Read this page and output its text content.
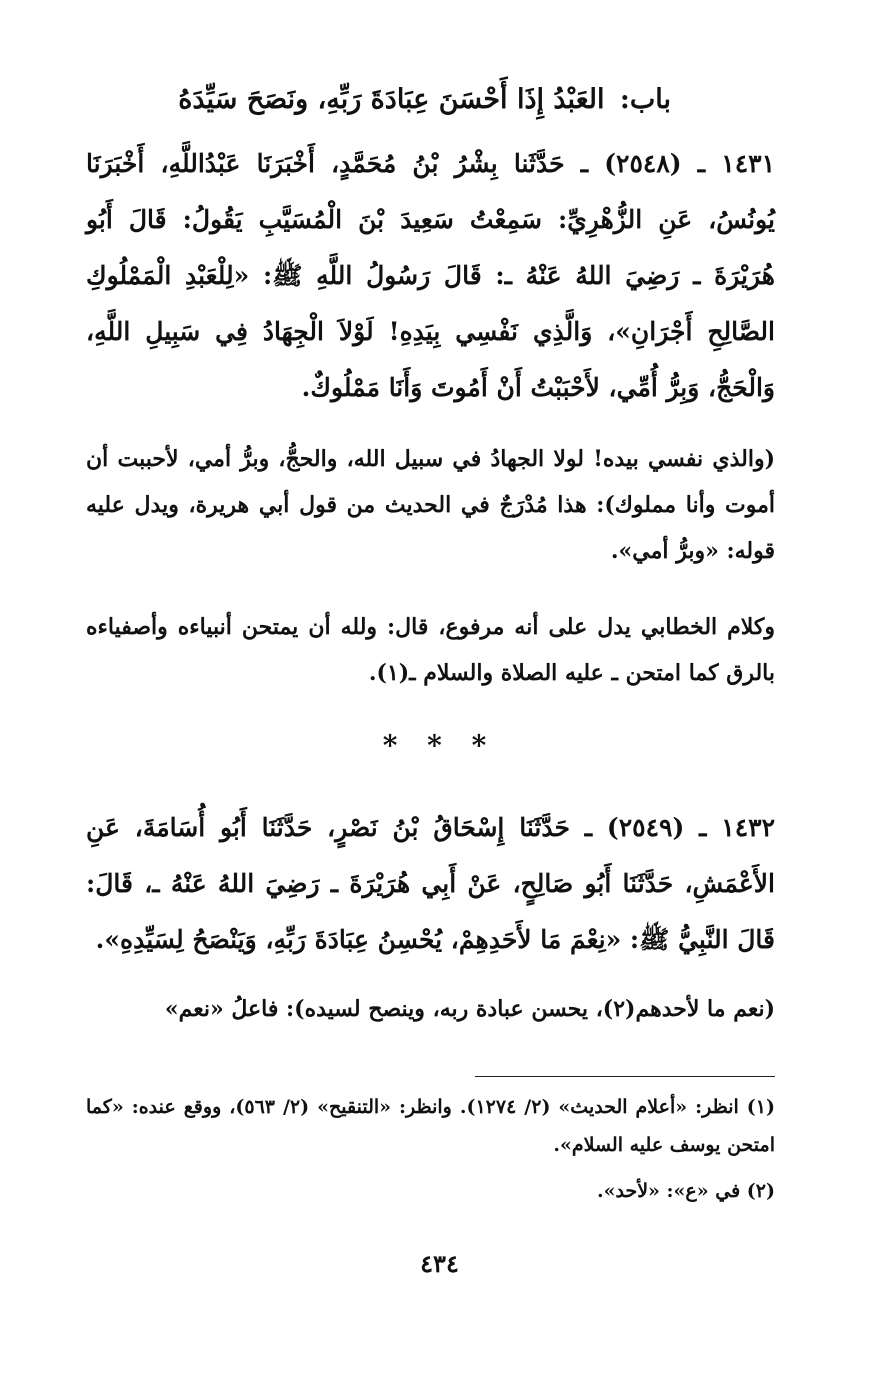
باب: العَبْدُ إِذَا أَحْسَنَ عِبَادَةَ رَبِّهِ، ونَصَحَ سَيِّدَهُ
١٤٣١ ـ (٢٥٤٨) ـ حَدَّثَنا بِشْرُ بْنُ مُحَمَّدٍ، أَخْبَرَنَا عَبْدُاللَّهِ، أَخْبَرَنَا يُونُسُ، عَنِ الزُّهْرِيِّ: سَمِعْتُ سَعِيدَ بْنَ الْمُسَيَّبِ يَقُولُ: قَالَ أَبُو هُرَيْرَةَ ـ رَضِيَ اللهُ عَنْهُ ـ: قَالَ رَسُولُ اللَّهِ ﷺ: «لِلْعَبْدِ الْمَمْلُوكِ الصَّالِحِ أَجْرَانِ»، وَالَّذِي نَفْسِي بِيَدِهِ! لَوْلاَ الْجِهَادُ فِي سَبِيلِ اللَّهِ، وَالْحَجُّ، وَبِرُّ أُمِّي، لأَحْبَبْتُ أَنْ أَمُوتَ وَأَنَا مَمْلُوكٌ.
(والذي نفسي بيده! لولا الجهادُ في سبيل الله، والحجُّ، وبرُّ أمي، لأحببت أن أموت وأنا مملوك): هذا مُدْرَجٌ في الحديث من قول أبي هريرة، ويدل عليه قوله: «وبرُّ أمي».
وكلام الخطابي يدل على أنه مرفوع، قال: ولله أن يمتحن أنبياءه وأصفياءه بالرق كما امتحن ـ عليه الصلاة والسلام ـ(١).
* * *
١٤٣٢ ـ (٢٥٤٩) ـ حَدَّثَنَا إِسْحَاقُ بْنُ نَصْرٍ، حَدَّثَنَا أَبُو أُسَامَةَ، عَنِ الأَعْمَشِ، حَدَّثَنَا أَبُو صَالِحٍ، عَنْ أَبِي هُرَيْرَةَ ـ رَضِيَ اللهُ عَنْهُ ـ، قَالَ: قَالَ النَّبِيُّ ﷺ: «نِعْمَ مَا لأَحَدِهِمْ، يُحْسِنُ عِبَادَةَ رَبِّهِ، وَيَنْصَحُ لِسَيِّدِهِ».
(نعم ما لأحدهم(٢)، يحسن عبادة ربه، وينصح لسيده): فاعلُ «نعم»

(١) انظر: «أعلام الحديث» (٢/ ١٢٧٤). وانظر: «التنقيح» (٢/ ٥٦٣)، ووقع عنده: «كما امتحن يوسف عليه السلام».

(٢) في «ع»: «لأحد».

٤٣٤
